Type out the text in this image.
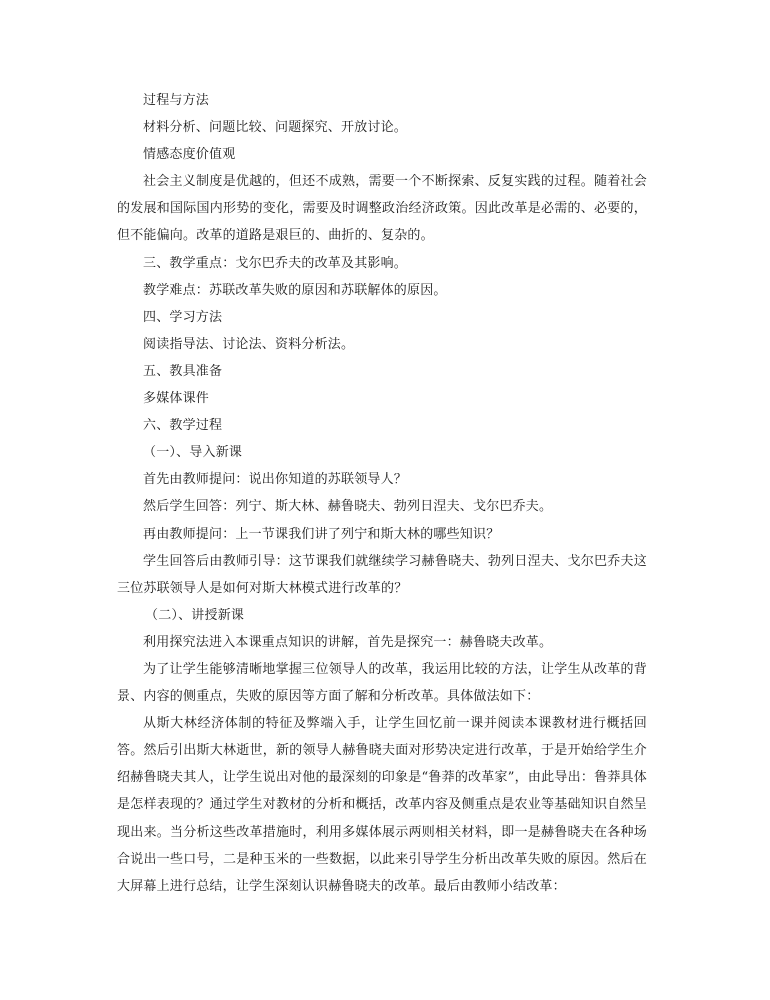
过程与方法

材料分析、问题比较、问题探究、开放讨论。

情感态度价值观

社会主义制度是优越的，但还不成熟，需要一个不断探索、反复实践的过程。随着社会的发展和国际国内形势的变化，需要及时调整政治经济政策。因此改革是必需的、必要的，但不能偏向。改革的道路是艰巨的、曲折的、复杂的。

三、教学重点：戈尔巴乔夫的改革及其影响。

教学难点：苏联改革失败的原因和苏联解体的原因。

四、学习方法

阅读指导法、讨论法、资料分析法。

五、教具准备

多媒体课件

六、教学过程

（一）、导入新课

首先由教师提问：说出你知道的苏联领导人？

然后学生回答：列宁、斯大林、赫鲁晓夫、勃列日涅夫、戈尔巴乔夫。

再由教师提问：上一节课我们讲了列宁和斯大林的哪些知识？

学生回答后由教师引导：这节课我们就继续学习赫鲁晓夫、勃列日涅夫、戈尔巴乔夫这三位苏联领导人是如何对斯大林模式进行改革的？

（二）、讲授新课

利用探究法进入本课重点知识的讲解，首先是探究一：赫鲁晓夫改革。

为了让学生能够清晰地掌握三位领导人的改革，我运用比较的方法，让学生从改革的背景、内容的侧重点，失败的原因等方面了解和分析改革。具体做法如下：

从斯大林经济体制的特征及弊端入手，让学生回忆前一课并阅读本课教材进行概括回答。然后引出斯大林逝世，新的领导人赫鲁晓夫面对形势决定进行改革，于是开始给学生介绍赫鲁晓夫其人，让学生说出对他的最深刻的印象是“鲁莽的改革家”，由此导出：鲁莽具体是怎样表现的？通过学生对教材的分析和概括，改革内容及侧重点是农业等基础知识自然呈现出来。当分析这些改革措施时，利用多媒体展示两则相关材料，即一是赫鲁晓夫在各种场合说出一些口号，二是种玉米的一些数据，以此来引导学生分析出改革失败的原因。然后在大屏幕上进行总结，让学生深刻认识赫鲁晓夫的改革。最后由教师小结改革：
